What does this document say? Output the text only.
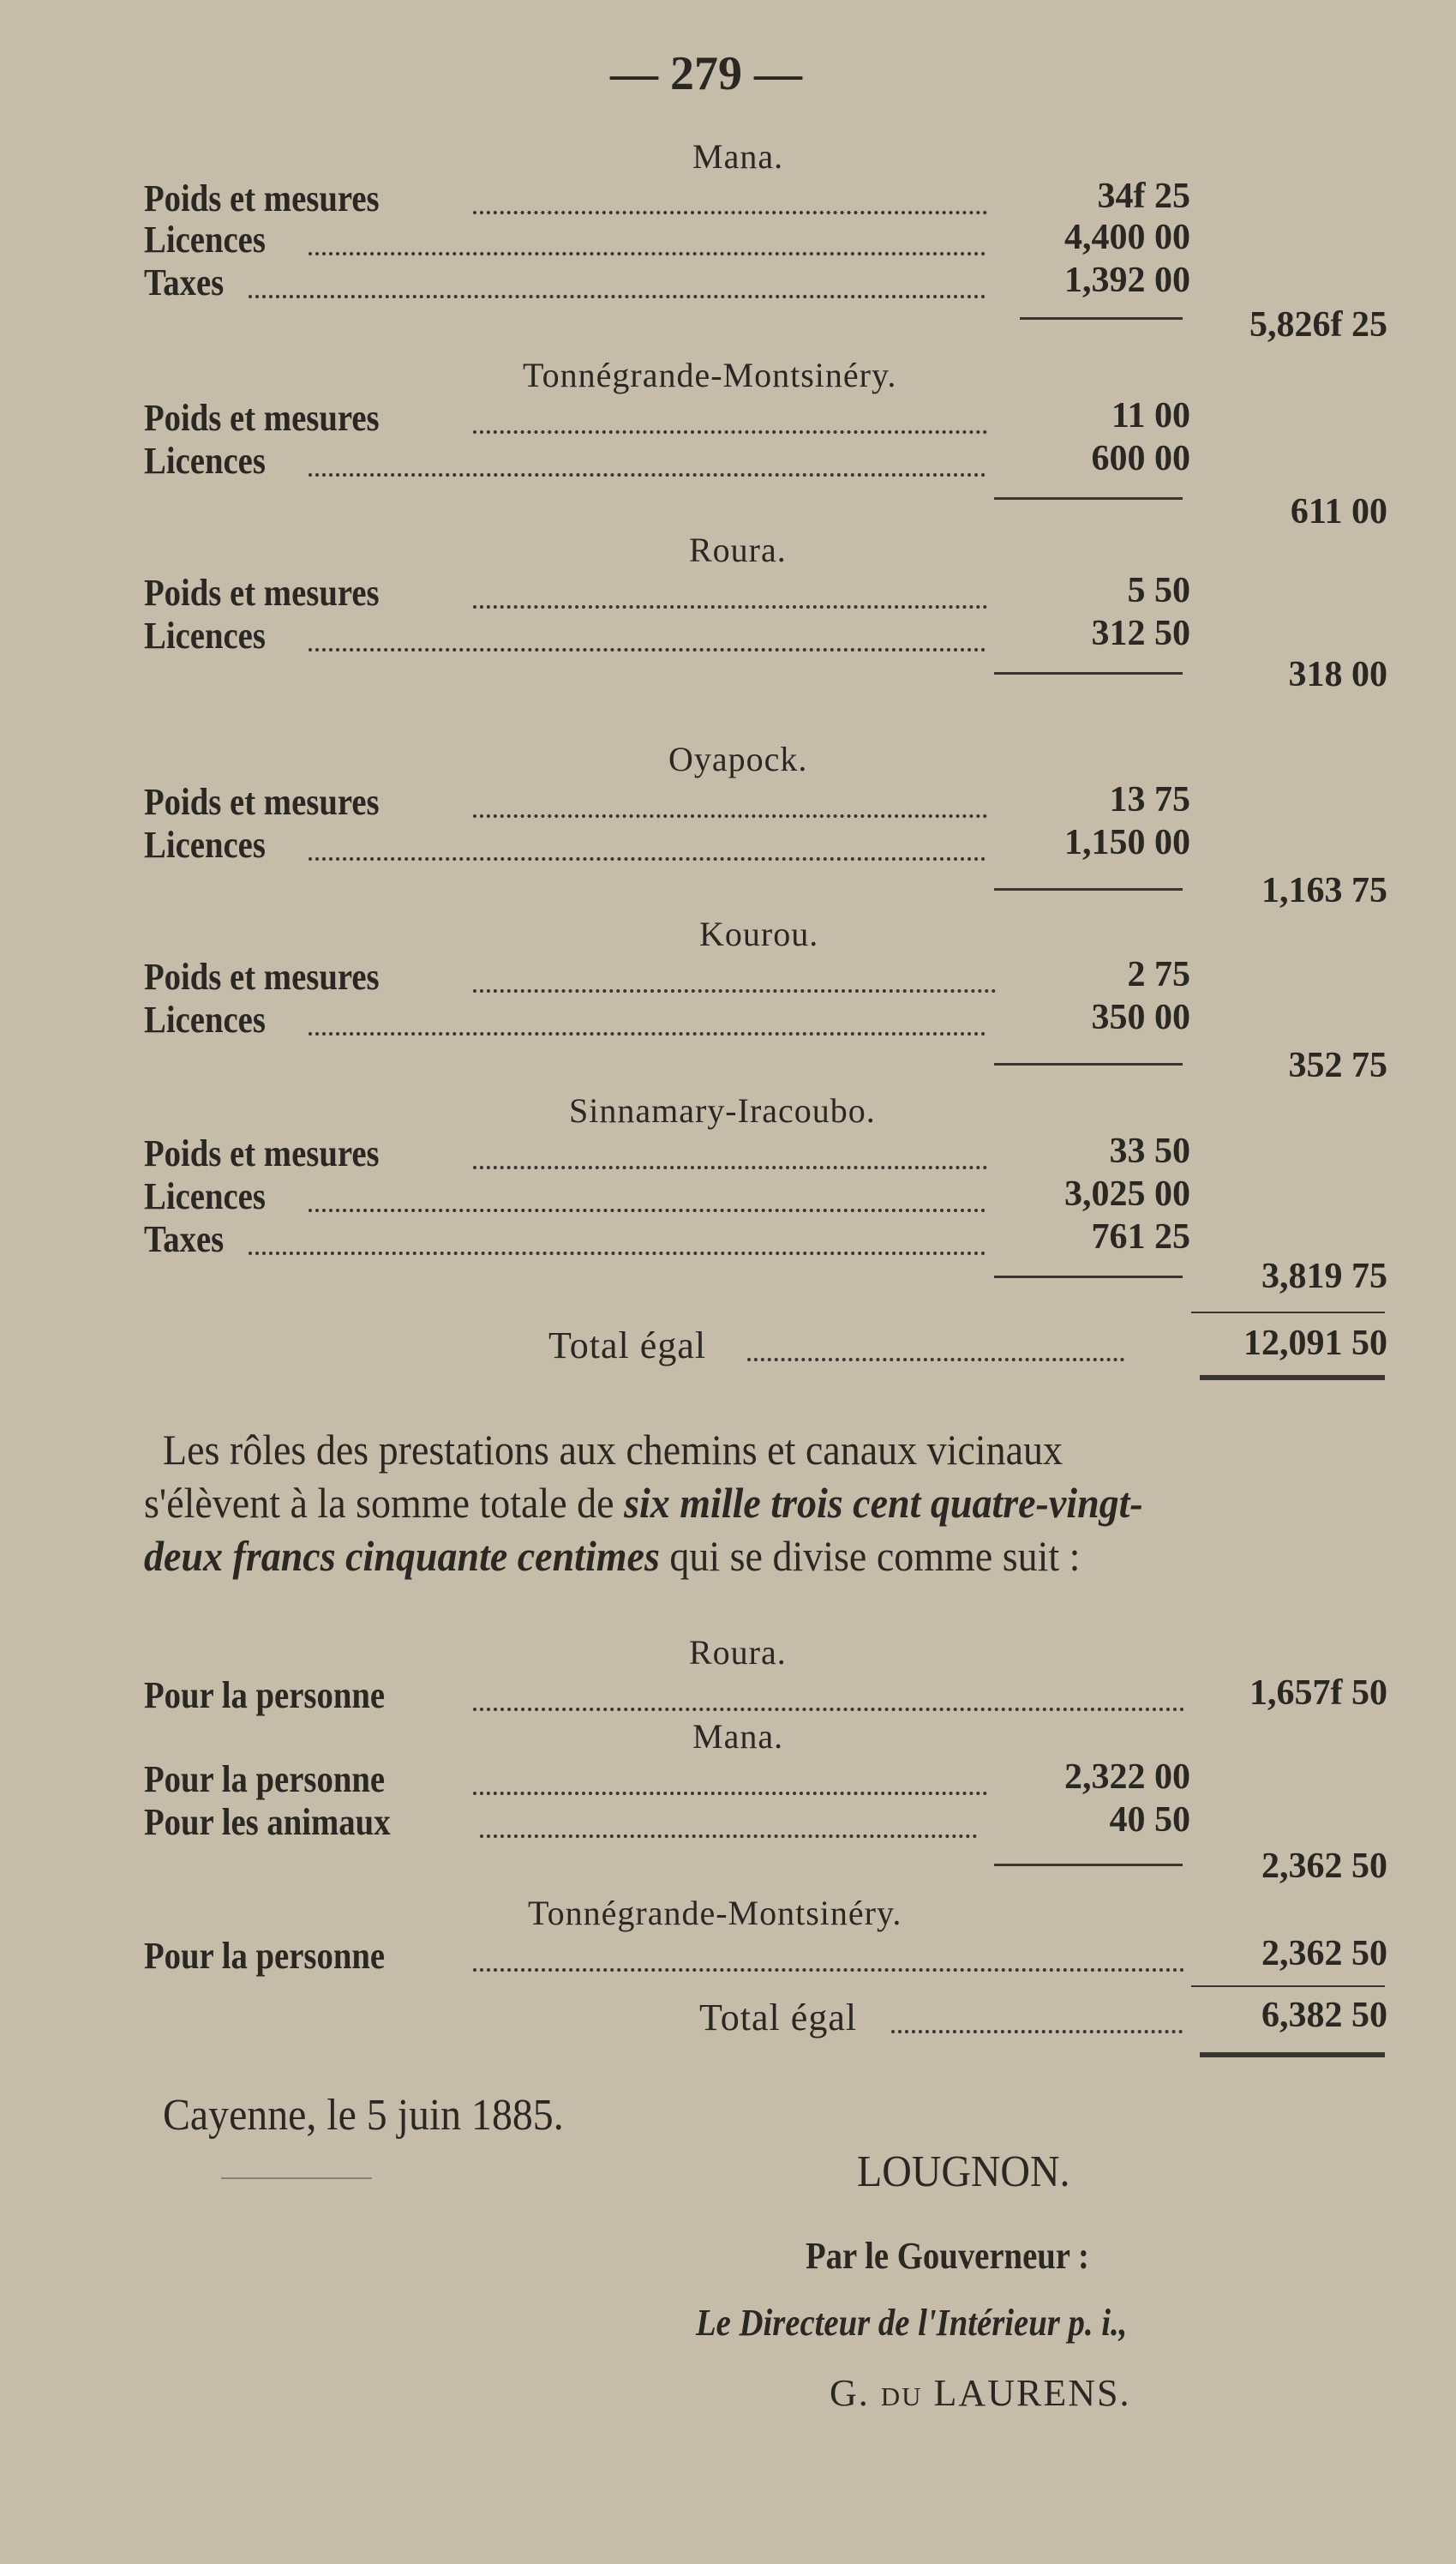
— 279 —
Mana.
Poids et mesures	34f 25
Licences	4,400 00
Taxes	1,392 00
5,826f 25
Tonnégrande-Montsinéry.
Poids et mesures	11 00
Licences	600 00
611 00
Roura.
Poids et mesures	5 50
Licences	312 50
318 00
Oyapock.
Poids et mesures	13 75
Licences	1,150 00
1,163 75
Kourou.
Poids et mesures	2 75
Licences	350 00
352 75
Sinnamary-Iracoubo.
Poids et mesures	33 50
Licences	3,025 00
Taxes	761 25
3,819 75
Total égal	12,091 50
Les rôles des prestations aux chemins et canaux vicinaux
s'élèvent à la somme totale de six mille trois cent quatre-vingt-
deux francs cinquante centimes qui se divise comme suit :
Roura.
Pour la personne	1,657f 50
Mana.
Pour la personne	2,322 00
Pour les animaux	40 50
2,362 50
Tonnégrande-Montsinéry.
Pour la personne	2,362 50
Total égal	6,382 50
Cayenne, le 5 juin 1885.
LOUGNON.
Par le Gouverneur :
Le Directeur de l'Intérieur p. i.,
G. du LAURENS.
